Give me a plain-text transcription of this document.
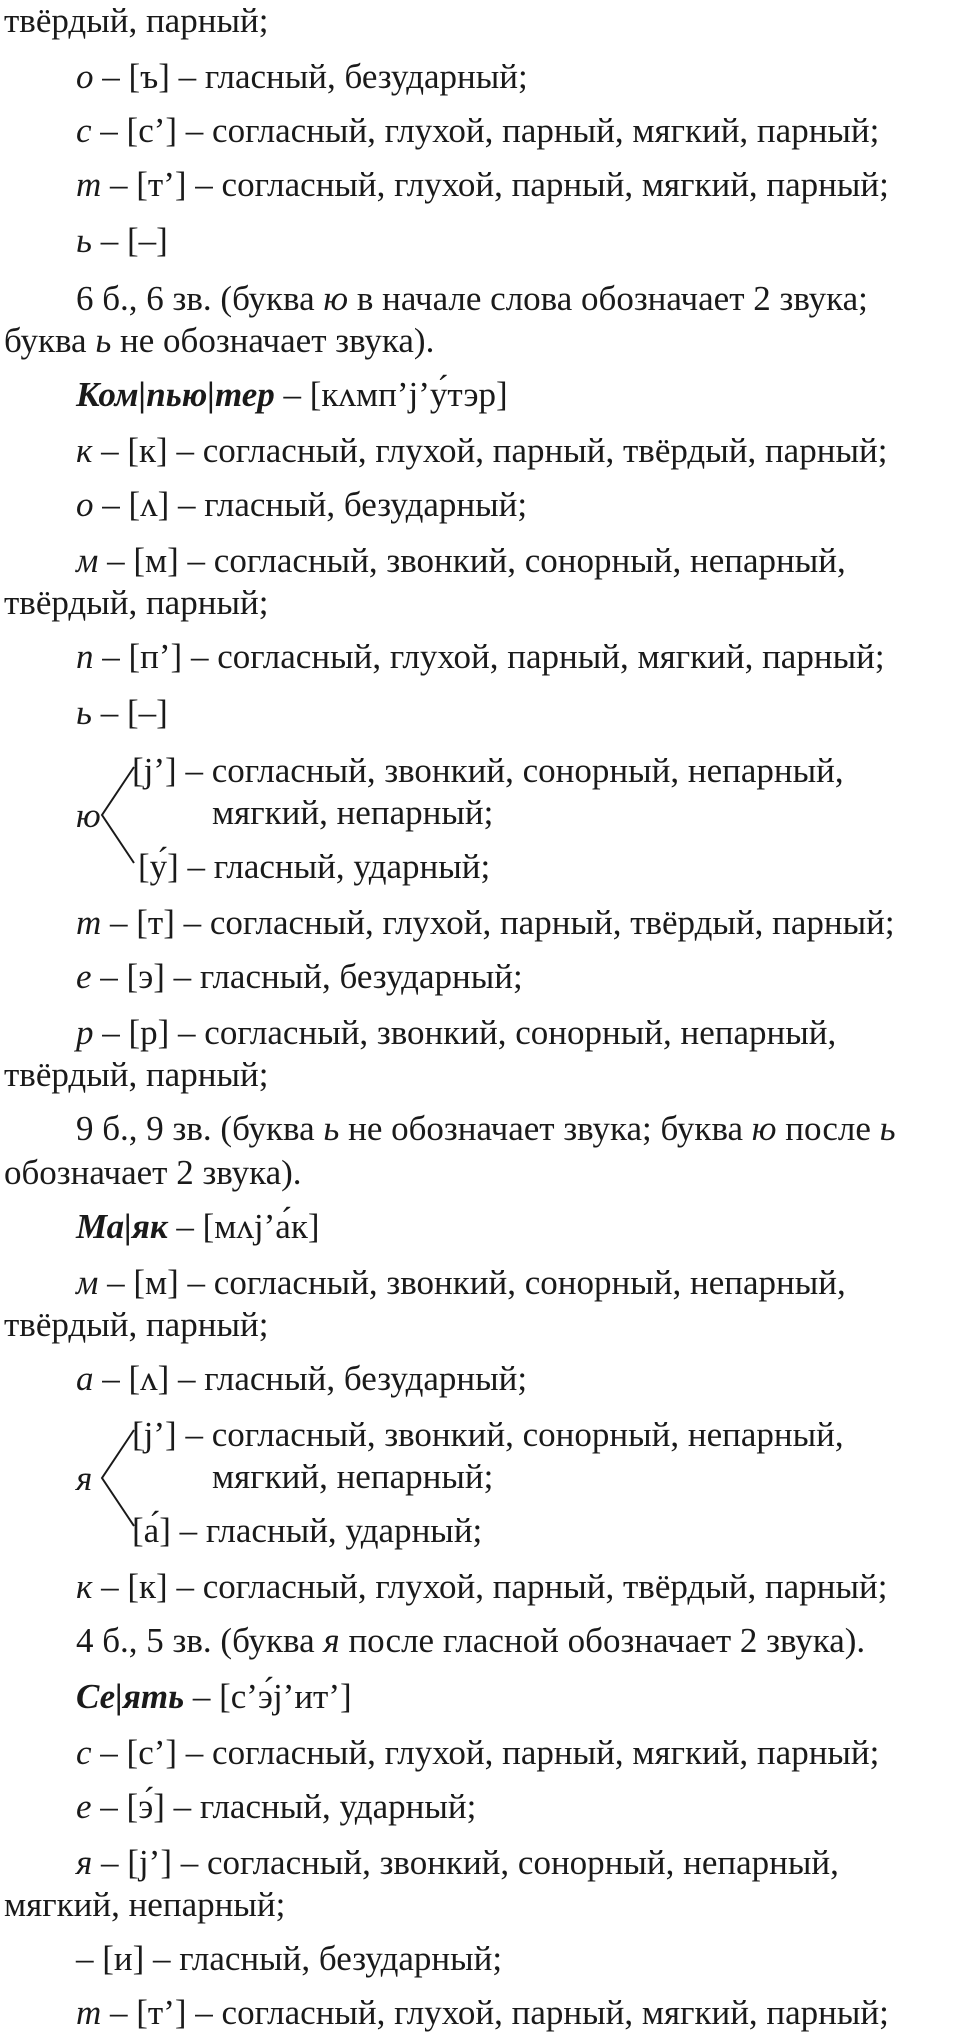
твёрдый, парный;
о – [ъ] – гласный, безударный;
с – [с’] – согласный, глухой, парный, мягкий, парный;
т – [т’] – согласный, глухой, парный, мягкий, парный;
ь – [–]
6 б., 6 зв. (буква ю в начале слова обозначает 2 звука;
буква ь не обозначает звука).
Ком|пью|тер – [кʌмп’j’у́тэр]
к – [к] – согласный, глухой, парный, твёрдый, парный;
о – [ʌ] – гласный, безударный;
м – [м] – согласный, звонкий, сонорный, непарный,
твёрдый, парный;
п – [п’] – согласный, глухой, парный, мягкий, парный;
ь – [–]
ю
[j’] – согласный, звонкий, сонорный, непарный,
мягкий, непарный;
[у́] – гласный, ударный;
т – [т] – согласный, глухой, парный, твёрдый, парный;
е – [э] – гласный, безударный;
р – [р] – согласный, звонкий, сонорный, непарный,
твёрдый, парный;
9 б., 9 зв. (буква ь не обозначает звука; буква ю после ь
обозначает 2 звука).
Ма|як – [мʌj’а́к]
м – [м] – согласный, звонкий, сонорный, непарный,
твёрдый, парный;
а – [ʌ] – гласный, безударный;
я
[j’] – согласный, звонкий, сонорный, непарный,
мягкий, непарный;
[а́] – гласный, ударный;
к – [к] – согласный, глухой, парный, твёрдый, парный;
4 б., 5 зв. (буква я после гласной обозначает 2 звука).
Се|ять – [с’э́j’ит’]
с – [с’] – согласный, глухой, парный, мягкий, парный;
е – [э́] – гласный, ударный;
я – [j’] – согласный, звонкий, сонорный, непарный,
мягкий, непарный;
– [и] – гласный, безударный;
т – [т’] – согласный, глухой, парный, мягкий, парный;
